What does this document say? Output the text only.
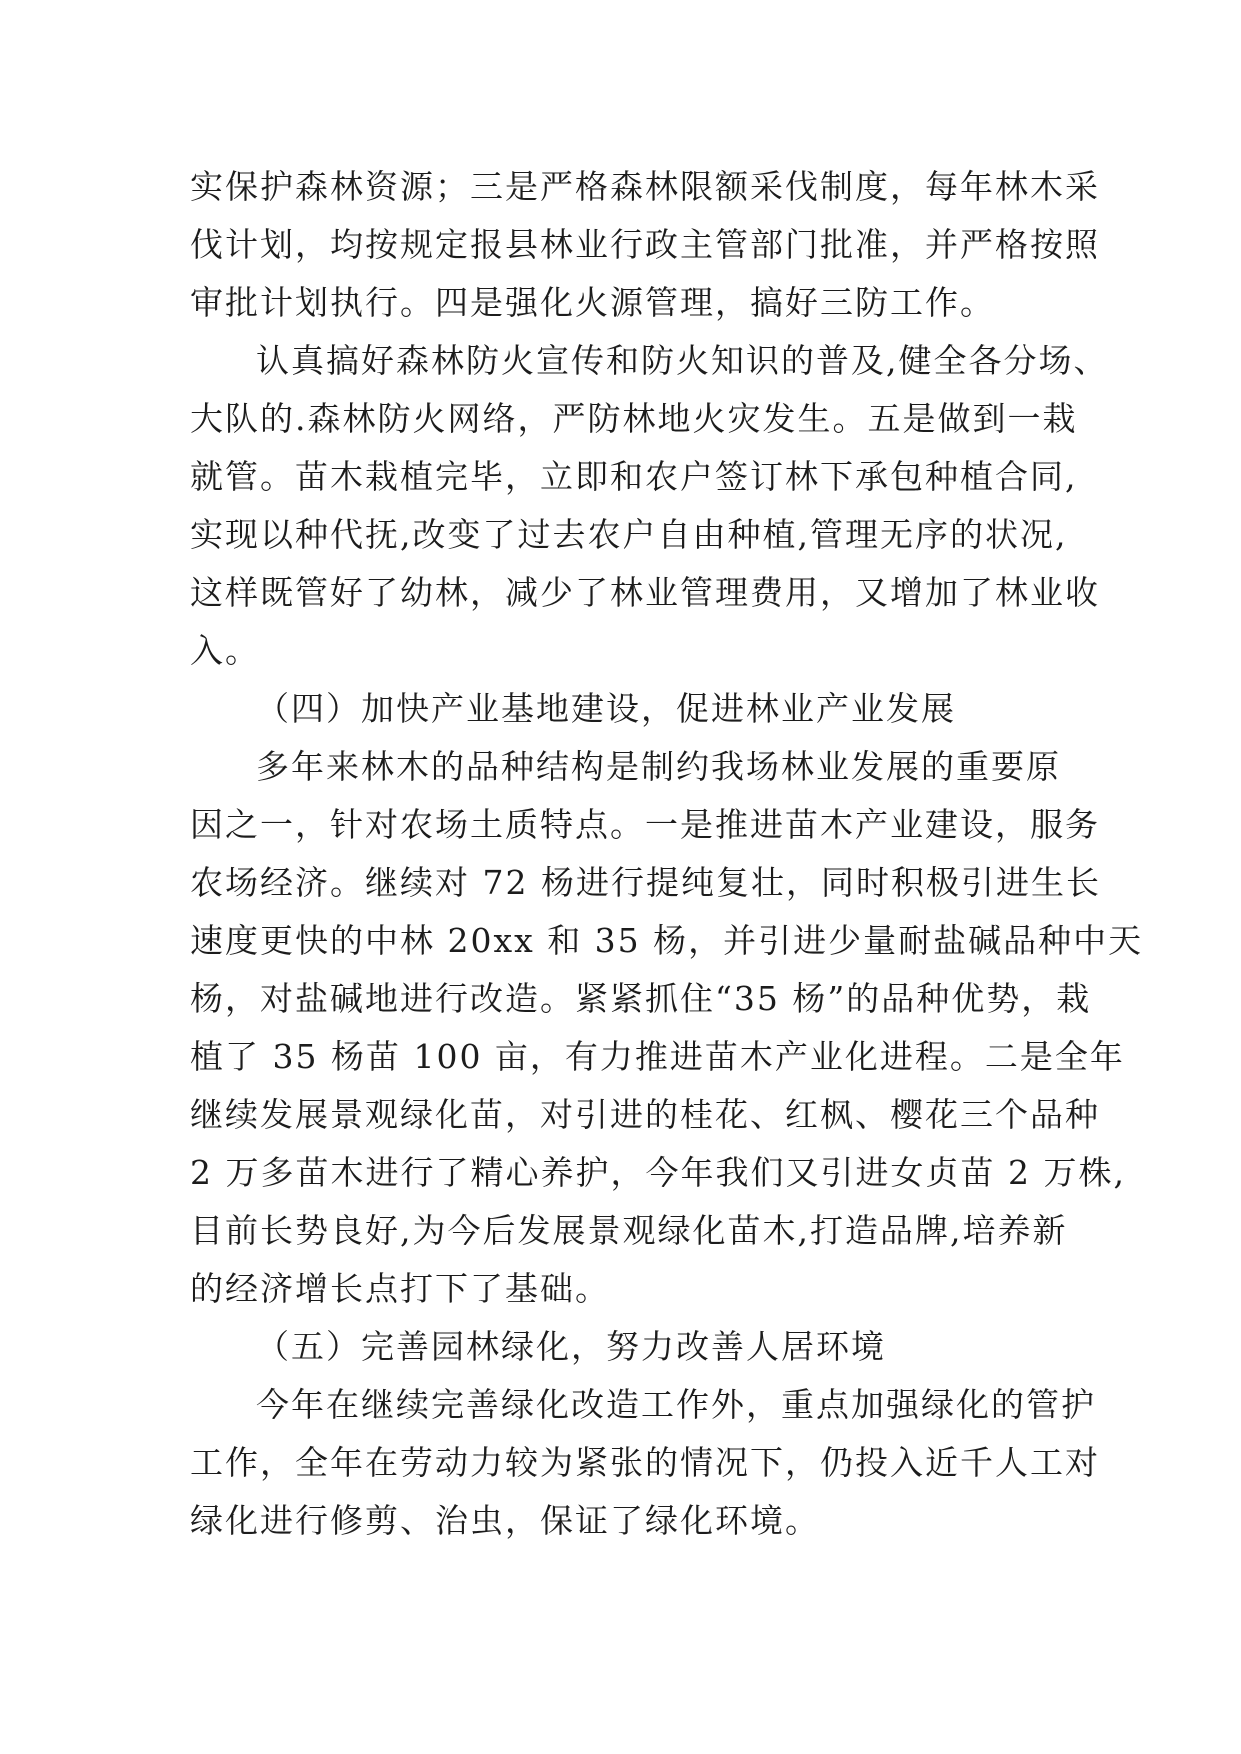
实保护森林资源；三是严格森林限额采伐制度，每年林木采
伐计划，均按规定报县林业行政主管部门批准，并严格按照
审批计划执行。四是强化火源管理，搞好三防工作。
认真搞好森林防火宣传和防火知识的普及,健全各分场、
大队的.森林防火网络，严防林地火灾发生。五是做到一栽
就管。苗木栽植完毕，立即和农户签订林下承包种植合同,
实现以种代抚,改变了过去农户自由种植,管理无序的状况,
这样既管好了幼林，减少了林业管理费用，又增加了林业收
入。
（四）加快产业基地建设，促进林业产业发展
多年来林木的品种结构是制约我场林业发展的重要原
因之一，针对农场土质特点。一是推进苗木产业建设，服务
农场经济。继续对 72 杨进行提纯复壮，同时积极引进生长
速度更快的中林 20xx 和 35 杨，并引进少量耐盐碱品种中天
杨，对盐碱地进行改造。紧紧抓住“35 杨”的品种优势，栽
植了 35 杨苗 100 亩，有力推进苗木产业化进程。二是全年
继续发展景观绿化苗，对引进的桂花、红枫、樱花三个品种
2 万多苗木进行了精心养护，今年我们又引进女贞苗 2 万株,
目前长势良好,为今后发展景观绿化苗木,打造品牌,培养新
的经济增长点打下了基础。
（五）完善园林绿化，努力改善人居环境
今年在继续完善绿化改造工作外，重点加强绿化的管护
工作，全年在劳动力较为紧张的情况下，仍投入近千人工对
绿化进行修剪、治虫，保证了绿化环境。
